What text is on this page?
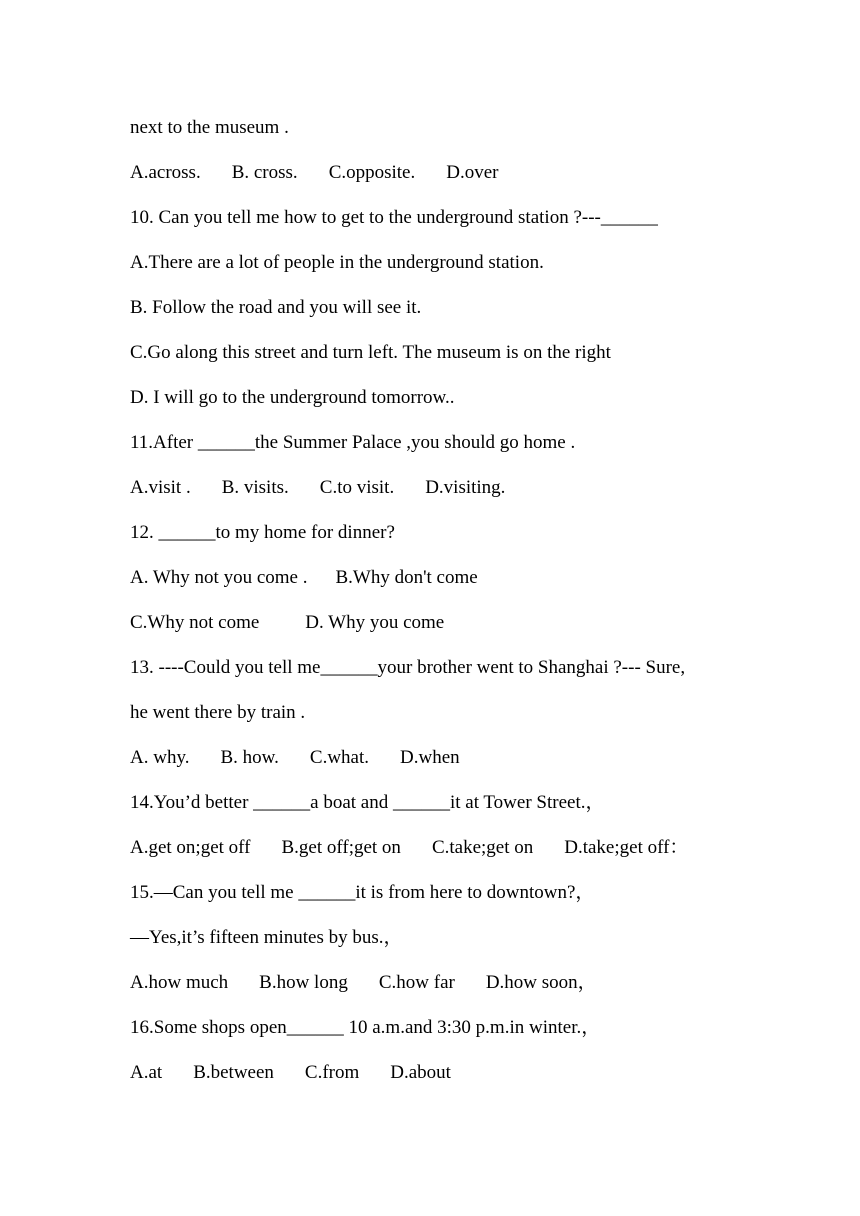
next to the museum .
A.across. B. cross. C.opposite. D.over
10. Can you tell me how to get to the underground station ?---______
A.There are a lot of people in the underground station.
B. Follow the road and you will see it.
C.Go along this street and turn left. The museum is on the right
D. I will go to the underground tomorrow..
11.After ______the Summer Palace ,you should go home .
A.visit . B. visits. C.to visit. D.visiting.
12. ______to my home for dinner?
A. Why not you come . B.Why don't come
C.Why not come D. Why you come
13. ----Could you tell me______your brother went to Shanghai ?--- Sure,
he went there by train .
A. why. B. how. C.what. D.when
14.You’d better ______a boat and ______it at Tower Street.，
A.get on;get off B.get off;get on C.take;get on D.take;get off：
15.—Can you tell me ______it is from here to downtown?，
—Yes,it’s fifteen minutes by bus.，
A.how much B.how long C.how far D.how soon，
16.Some shops open______ 10 a.m.and 3:30 p.m.in winter.，
A.at B.between C.from D.about
